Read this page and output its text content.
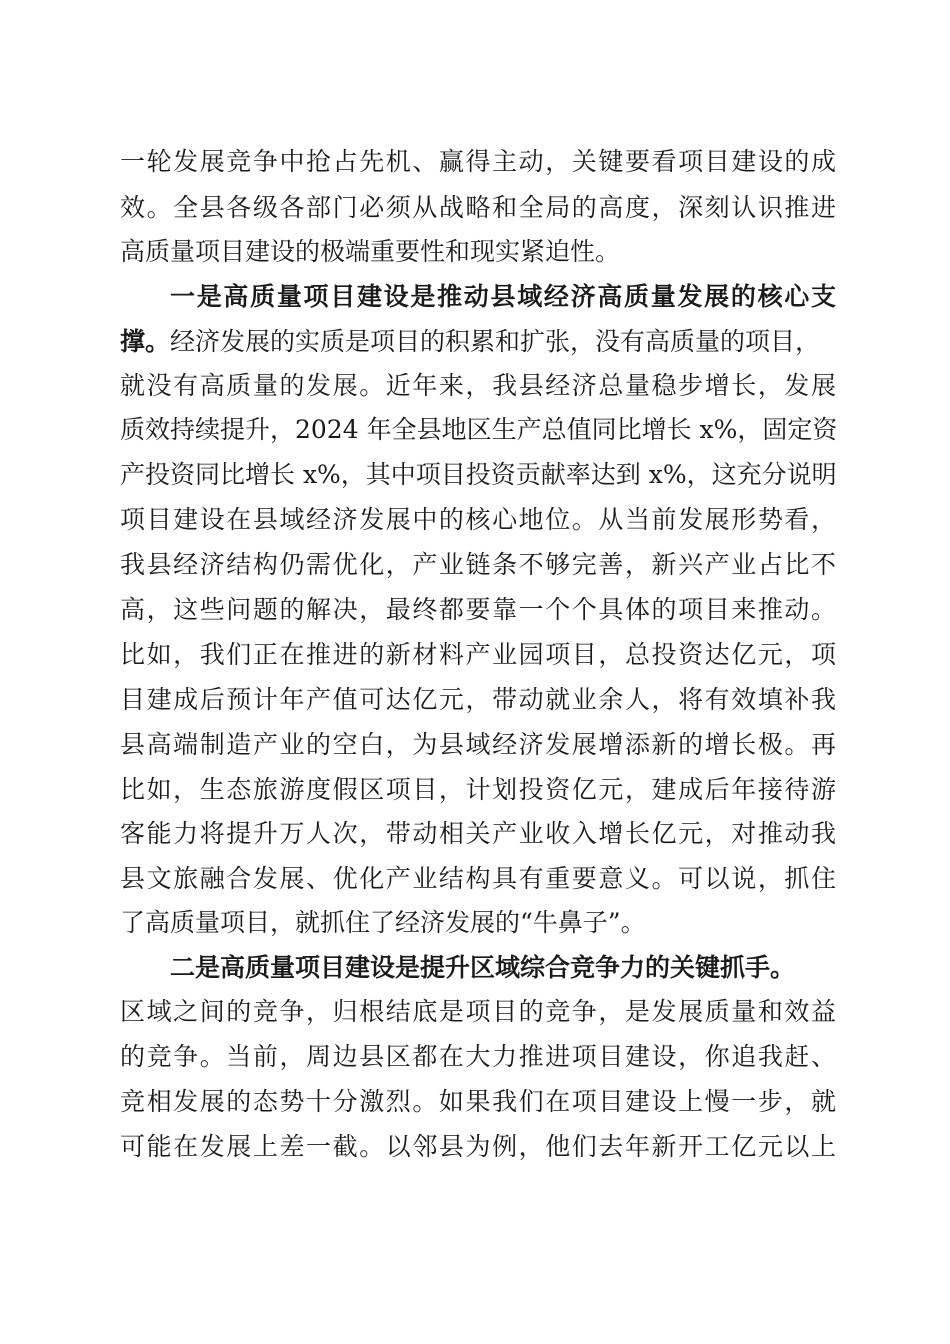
一轮发展竞争中抢占先机、赢得主动，关键要看项目建设的成
效。全县各级各部门必须从战略和全局的高度，深刻认识推进
高质量项目建设的极端重要性和现实紧迫性。
一是高质量项目建设是推动县域经济高质量发展的核心支
撑。经济发展的实质是项目的积累和扩张，没有高质量的项目，
就没有高质量的发展。近年来，我县经济总量稳步增长，发展
质效持续提升，2024 年全县地区生产总值同比增长 x%，固定资
产投资同比增长 x%，其中项目投资贡献率达到 x%，这充分说明
项目建设在县域经济发展中的核心地位。从当前发展形势看，
我县经济结构仍需优化，产业链条不够完善，新兴产业占比不
高，这些问题的解决，最终都要靠一个个具体的项目来推动。
比如，我们正在推进的新材料产业园项目，总投资达亿元，项
目建成后预计年产值可达亿元，带动就业余人，将有效填补我
县高端制造产业的空白，为县域经济发展增添新的增长极。再
比如，生态旅游度假区项目，计划投资亿元，建成后年接待游
客能力将提升万人次，带动相关产业收入增长亿元，对推动我
县文旅融合发展、优化产业结构具有重要意义。可以说，抓住
了高质量项目，就抓住了经济发展的“牛鼻子”。
二是高质量项目建设是提升区域综合竞争力的关键抓手。
区域之间的竞争，归根结底是项目的竞争，是发展质量和效益
的竞争。当前，周边县区都在大力推进项目建设，你追我赶、
竞相发展的态势十分激烈。如果我们在项目建设上慢一步，就
可能在发展上差一截。以邻县为例，他们去年新开工亿元以上
